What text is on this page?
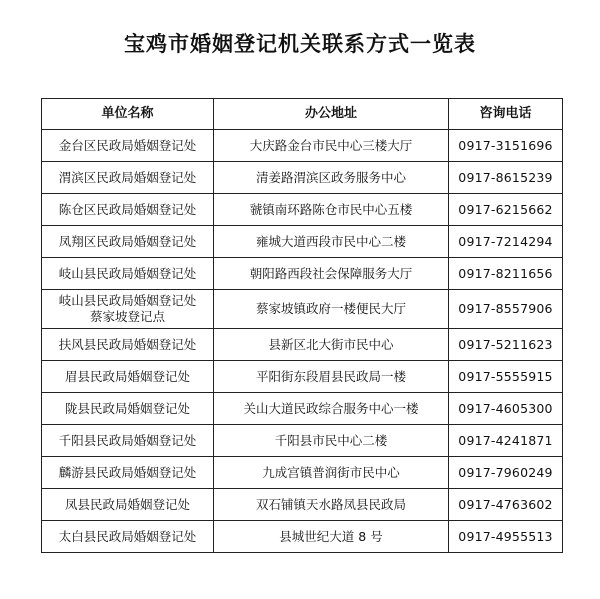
宝鸡市婚姻登记机关联系方式一览表
单位名称	办公地址	咨询电话
金台区民政局婚姻登记处	大庆路金台市民中心三楼大厅	0917-3151696
渭滨区民政局婚姻登记处	清姜路渭滨区政务服务中心	0917-8615239
陈仓区民政局婚姻登记处	虢镇南环路陈仓市民中心五楼	0917-6215662
凤翔区民政局婚姻登记处	雍城大道西段市民中心二楼	0917-7214294
岐山县民政局婚姻登记处	朝阳路西段社会保障服务大厅	0917-8211656
岐山县民政局婚姻登记处蔡家坡登记点	蔡家坡镇政府一楼便民大厅	0917-8557906
扶风县民政局婚姻登记处	县新区北大街市民中心	0917-5211623
眉县民政局婚姻登记处	平阳街东段眉县民政局一楼	0917-5555915
陇县民政局婚姻登记处	关山大道民政综合服务中心一楼	0917-4605300
千阳县民政局婚姻登记处	千阳县市民中心二楼	0917-4241871
麟游县民政局婚姻登记处	九成宫镇普润街市民中心	0917-7960249
凤县民政局婚姻登记处	双石铺镇天水路凤县民政局	0917-4763602
太白县民政局婚姻登记处	县城世纪大道 8 号	0917-4955513
